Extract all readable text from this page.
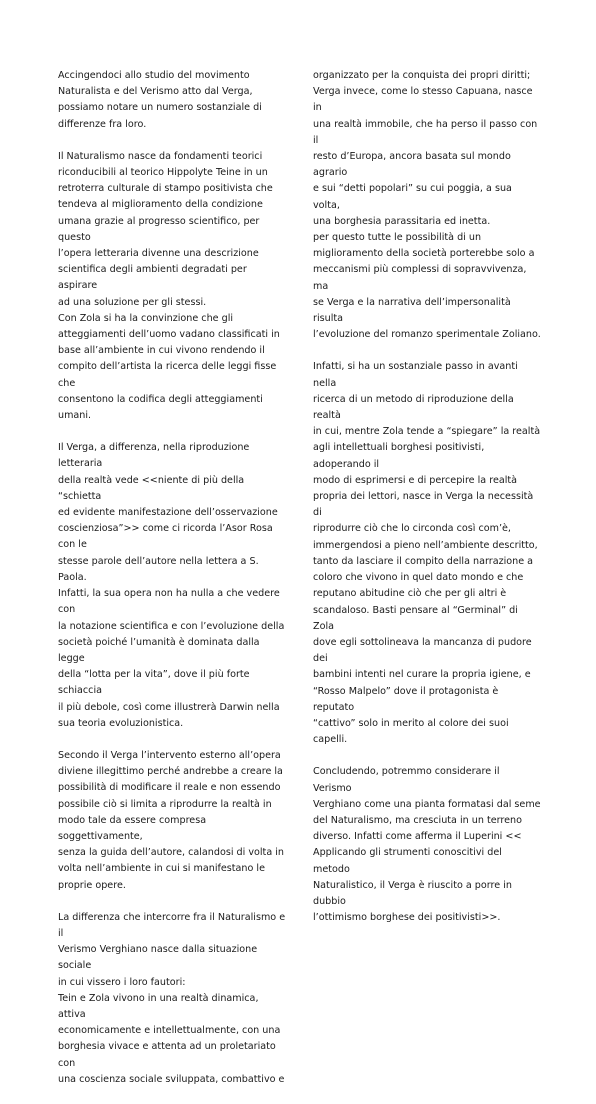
Accingendoci allo studio del movimento
Naturalista e del Verismo atto dal Verga,
possiamo notare un numero sostanziale di
differenze fra loro.

Il Naturalismo nasce da fondamenti teorici
riconducibili al teorico Hippolyte Teine in un
retroterra culturale di stampo positivista che
tendeva al miglioramento della condizione
umana grazie al progresso scientifico, per questo
l’opera letteraria divenne una descrizione
scientifica degli ambienti degradati per aspirare
ad una soluzione per gli stessi.
Con Zola si ha la convinzione che gli
atteggiamenti dell’uomo vadano classificati in
base all’ambiente in cui vivono rendendo il
compito dell’artista la ricerca delle leggi fisse che
consentono la codifica degli atteggiamenti umani.

Il Verga, a differenza, nella riproduzione letteraria
della realtà vede <<niente di più della “schietta
ed evidente manifestazione dell’osservazione
coscienziosa”>> come ci ricorda l’Asor Rosa con le
stesse parole dell’autore nella lettera a S. Paola.
Infatti, la sua opera non ha nulla a che vedere con
la notazione scientifica e con l’evoluzione della
società poiché l’umanità è dominata dalla legge
della “lotta per la vita”, dove il più forte schiaccia
il più debole, così come illustrerà Darwin nella
sua teoria evoluzionistica.

Secondo il Verga l’intervento esterno all’opera
diviene illegittimo perché andrebbe a creare la
possibilità di modificare il reale e non essendo
possibile ciò si limita a riprodurre la realtà in
modo tale da essere compresa soggettivamente,
senza la guida dell’autore, calandosi di volta in
volta nell’ambiente in cui si manifestano le
proprie opere.

La differenza che intercorre fra il Naturalismo e il
Verismo Verghiano nasce dalla situazione sociale
in cui vissero i loro fautori:
Tein e Zola vivono in una realtà dinamica, attiva
economicamente e intellettualmente, con una
borghesia vivace e attenta ad un proletariato con
una coscienza sociale sviluppata, combattivo e

organizzato per la conquista dei propri diritti;
Verga invece, come lo stesso Capuana, nasce in
una realtà immobile, che ha perso il passo con il
resto d’Europa, ancora basata sul mondo agrario
e sui “detti popolari” su cui poggia, a sua volta,
una borghesia parassitaria ed inetta.
per questo tutte le possibilità di un
miglioramento della società porterebbe solo a
meccanismi più complessi di sopravvivenza, ma
se Verga e la narrativa dell’impersonalità risulta
l’evoluzione del romanzo sperimentale Zoliano.

Infatti, si ha un sostanziale passo in avanti nella
ricerca di un metodo di riproduzione della realtà
in cui, mentre Zola tende a “spiegare” la realtà
agli intellettuali borghesi positivisti, adoperando il
modo di esprimersi e di percepire la realtà
propria dei lettori, nasce in Verga la necessità di
riprodurre ciò che lo circonda così com’è,
immergendosi a pieno nell’ambiente descritto,
tanto da lasciare il compito della narrazione a
coloro che vivono in quel dato mondo e che
reputano abitudine ciò che per gli altri è
scandaloso. Basti pensare al “Germinal” di Zola
dove egli sottolineava la mancanza di pudore dei
bambini intenti nel curare la propria igiene, e
“Rosso Malpelo” dove il protagonista è reputato
“cattivo” solo in merito al colore dei suoi capelli.

Concludendo, potremmo considerare il Verismo
Verghiano come una pianta formatasi dal seme
del Naturalismo, ma cresciuta in un terreno
diverso. Infatti come afferma il Luperini <<
Applicando gli strumenti conoscitivi del metodo
Naturalistico, il Verga è riuscito a porre in dubbio
l’ottimismo borghese dei positivisti>>.
